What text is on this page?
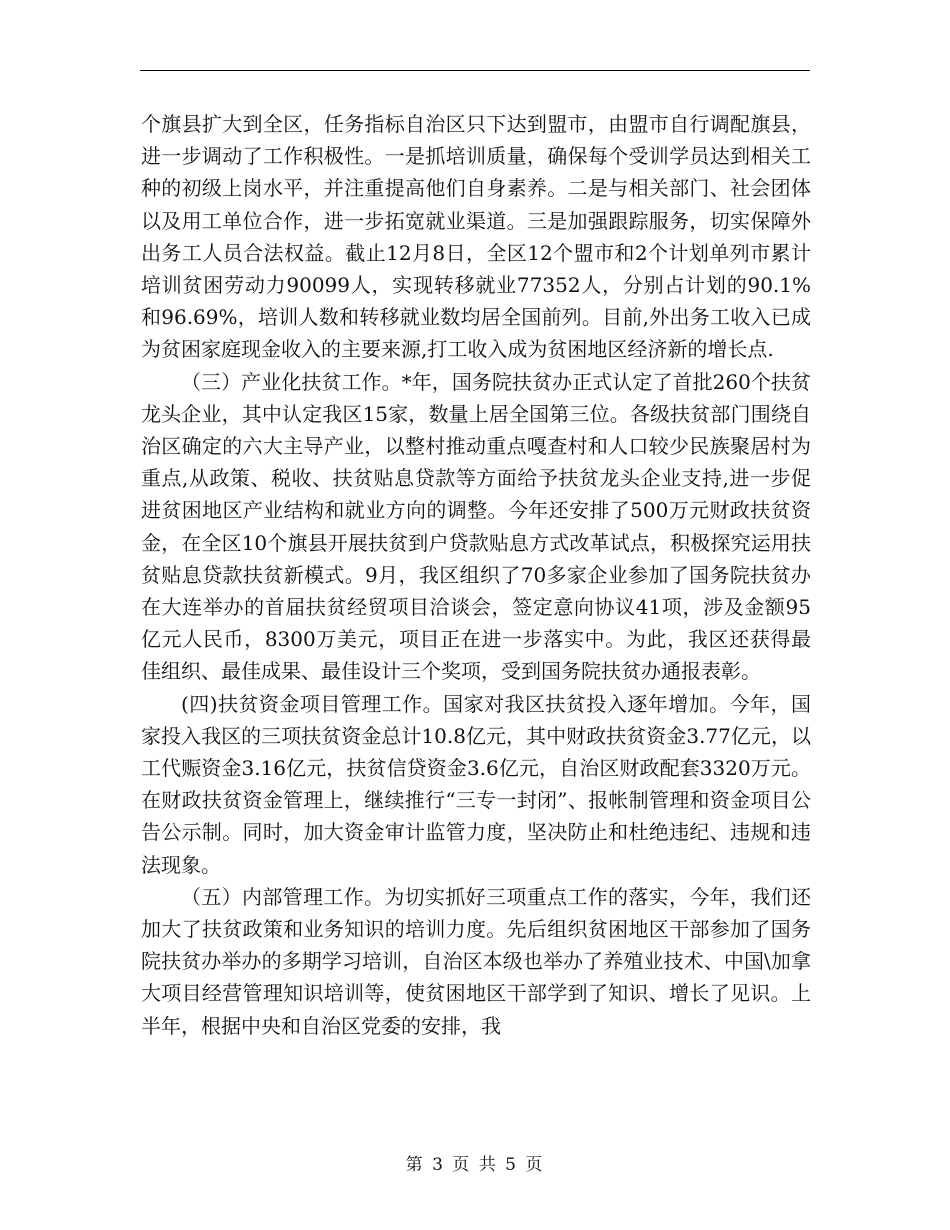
个旗县扩大到全区，任务指标自治区只下达到盟市，由盟市自行调配旗县，进一步调动了工作积极性。一是抓培训质量，确保每个受训学员达到相关工种的初级上岗水平，并注重提高他们自身素养。二是与相关部门、社会团体以及用工单位合作，进一步拓宽就业渠道。三是加强跟踪服务，切实保障外出务工人员合法权益。截止12月8日，全区12个盟市和2个计划单列市累计培训贫困劳动力90099人，实现转移就业77352人，分别占计划的90.1%和96.69%，培训人数和转移就业数均居全国前列。目前,外出务工收入已成为贫困家庭现金收入的主要来源,打工收入成为贫困地区经济新的增长点.

（三）产业化扶贫工作。*年，国务院扶贫办正式认定了首批260个扶贫龙头企业，其中认定我区15家，数量上居全国第三位。各级扶贫部门围绕自治区确定的六大主导产业，以整村推动重点嘎查村和人口较少民族聚居村为重点,从政策、税收、扶贫贴息贷款等方面给予扶贫龙头企业支持,进一步促进贫困地区产业结构和就业方向的调整。今年还安排了500万元财政扶贫资金，在全区10个旗县开展扶贫到户贷款贴息方式改革试点，积极探究运用扶贫贴息贷款扶贫新模式。9月，我区组织了70多家企业参加了国务院扶贫办在大连举办的首届扶贫经贸项目洽谈会，签定意向协议41项，涉及金额95亿元人民币，8300万美元，项目正在进一步落实中。为此，我区还获得最佳组织、最佳成果、最佳设计三个奖项，受到国务院扶贫办通报表彰。

(四)扶贫资金项目管理工作。国家对我区扶贫投入逐年增加。今年，国家投入我区的三项扶贫资金总计10.8亿元，其中财政扶贫资金3.77亿元，以工代赈资金3.16亿元，扶贫信贷资金3.6亿元，自治区财政配套3320万元。在财政扶贫资金管理上，继续推行“三专一封闭”、报帐制管理和资金项目公告公示制。同时，加大资金审计监管力度，坚决防止和杜绝违纪、违规和违法现象。

（五）内部管理工作。为切实抓好三项重点工作的落实，今年，我们还加大了扶贫政策和业务知识的培训力度。先后组织贫困地区干部参加了国务院扶贫办举办的多期学习培训，自治区本级也举办了养殖业技术、中国\加拿大项目经营管理知识培训等，使贫困地区干部学到了知识、增长了见识。上半年，根据中央和自治区党委的安排，我

第 3 页 共 5 页
